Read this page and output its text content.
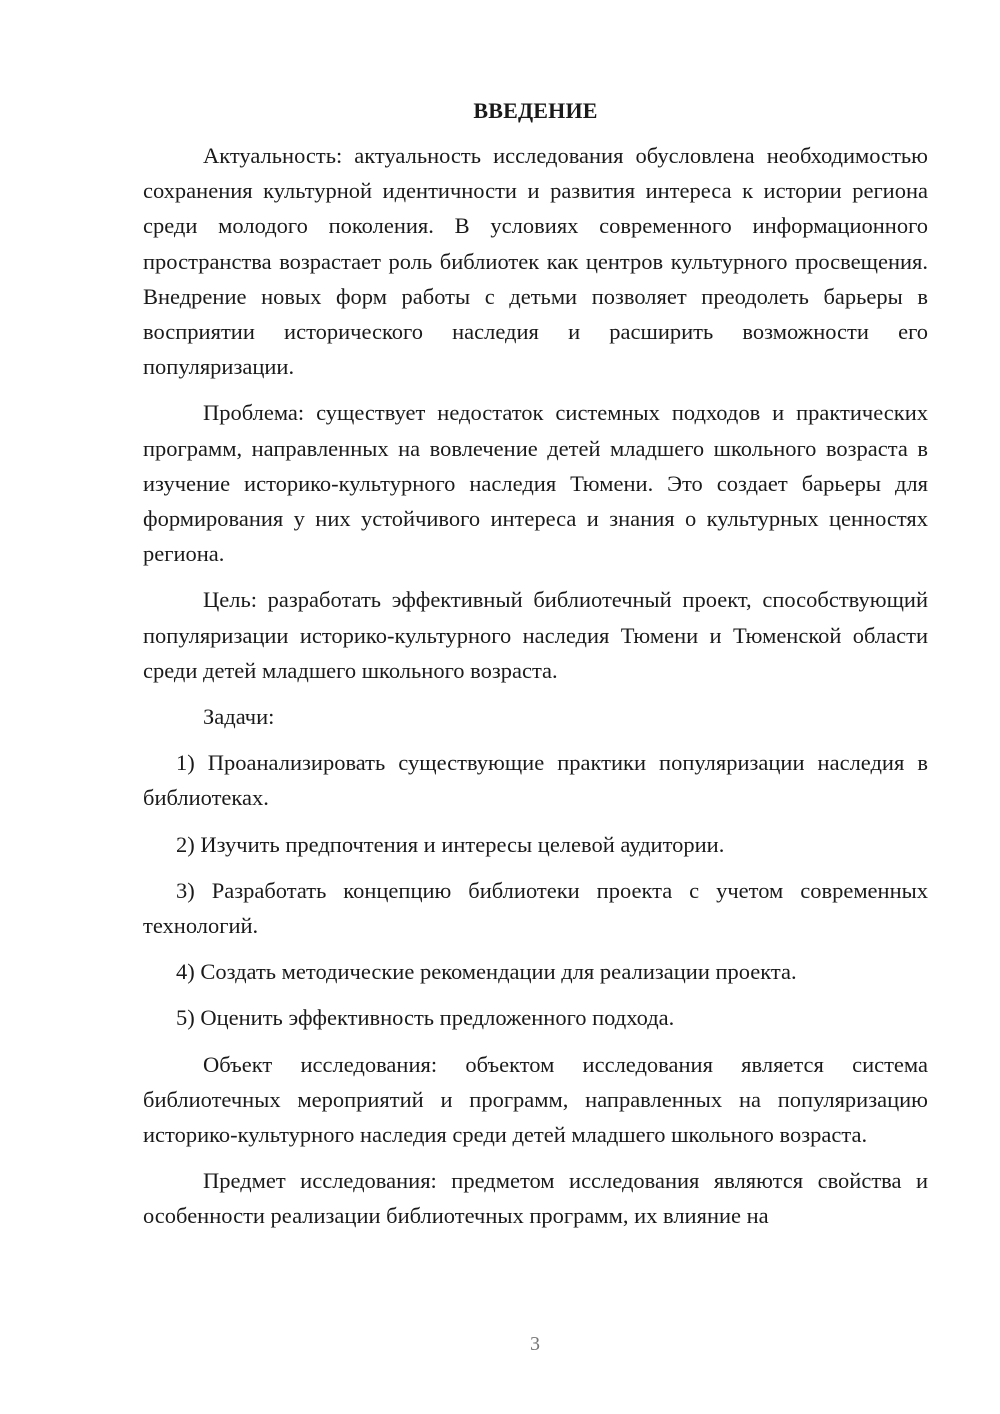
ВВЕДЕНИЕ

Актуальность: актуальность исследования обусловлена необходимостью сохранения культурной идентичности и развития интереса к истории региона среди молодого поколения. В условиях современного информационного пространства возрастает роль библиотек как центров культурного просвещения. Внедрение новых форм работы с детьми позволяет преодолеть барьеры в восприятии исторического наследия и расширить возможности его популяризации.

Проблема: существует недостаток системных подходов и практических программ, направленных на вовлечение детей младшего школьного возраста в изучение историко-культурного наследия Тюмени. Это создает барьеры для формирования у них устойчивого интереса и знания о культурных ценностях региона.

Цель: разработать эффективный библиотечный проект, способствующий популяризации историко-культурного наследия Тюмени и Тюменской области среди детей младшего школьного возраста.

Задачи:

1) Проанализировать существующие практики популяризации наследия в библиотеках.

2) Изучить предпочтения и интересы целевой аудитории.

3) Разработать концепцию библиотеки проекта с учетом современных технологий.

4) Создать методические рекомендации для реализации проекта.

5) Оценить эффективность предложенного подхода.

Объект исследования: объектом исследования является система библиотечных мероприятий и программ, направленных на популяризацию историко-культурного наследия среди детей младшего школьного возраста.

Предмет исследования: предметом исследования являются свойства и особенности реализации библиотечных программ, их влияние на

3
